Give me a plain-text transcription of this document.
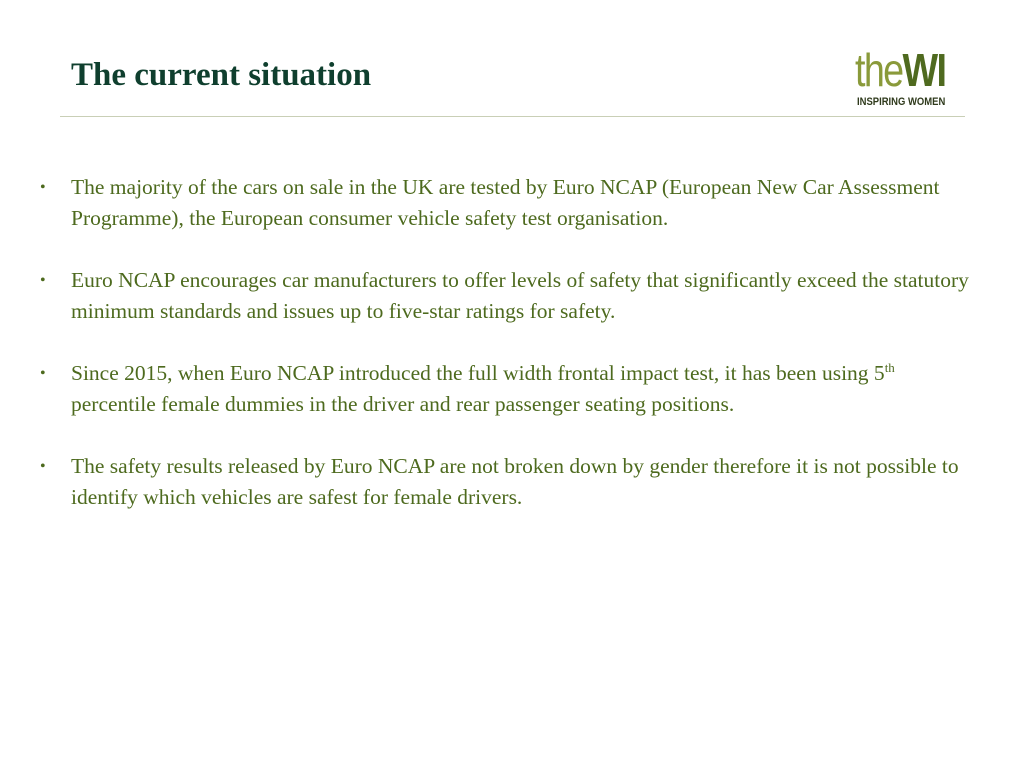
The current situation	theWI
INSPIRING WOMEN
• The majority of the cars on sale in the UK are tested by Euro NCAP (European New Car Assessment Programme), the European consumer vehicle safety test organisation.
• Euro NCAP encourages car manufacturers to offer levels of safety that significantly exceed the statutory minimum standards and issues up to five-star ratings for safety.
• Since 2015, when Euro NCAP introduced the full width frontal impact test, it has been using 5th percentile female dummies in the driver and rear passenger seating positions.
• The safety results released by Euro NCAP are not broken down by gender therefore it is not possible to identify which vehicles are safest for female drivers.
